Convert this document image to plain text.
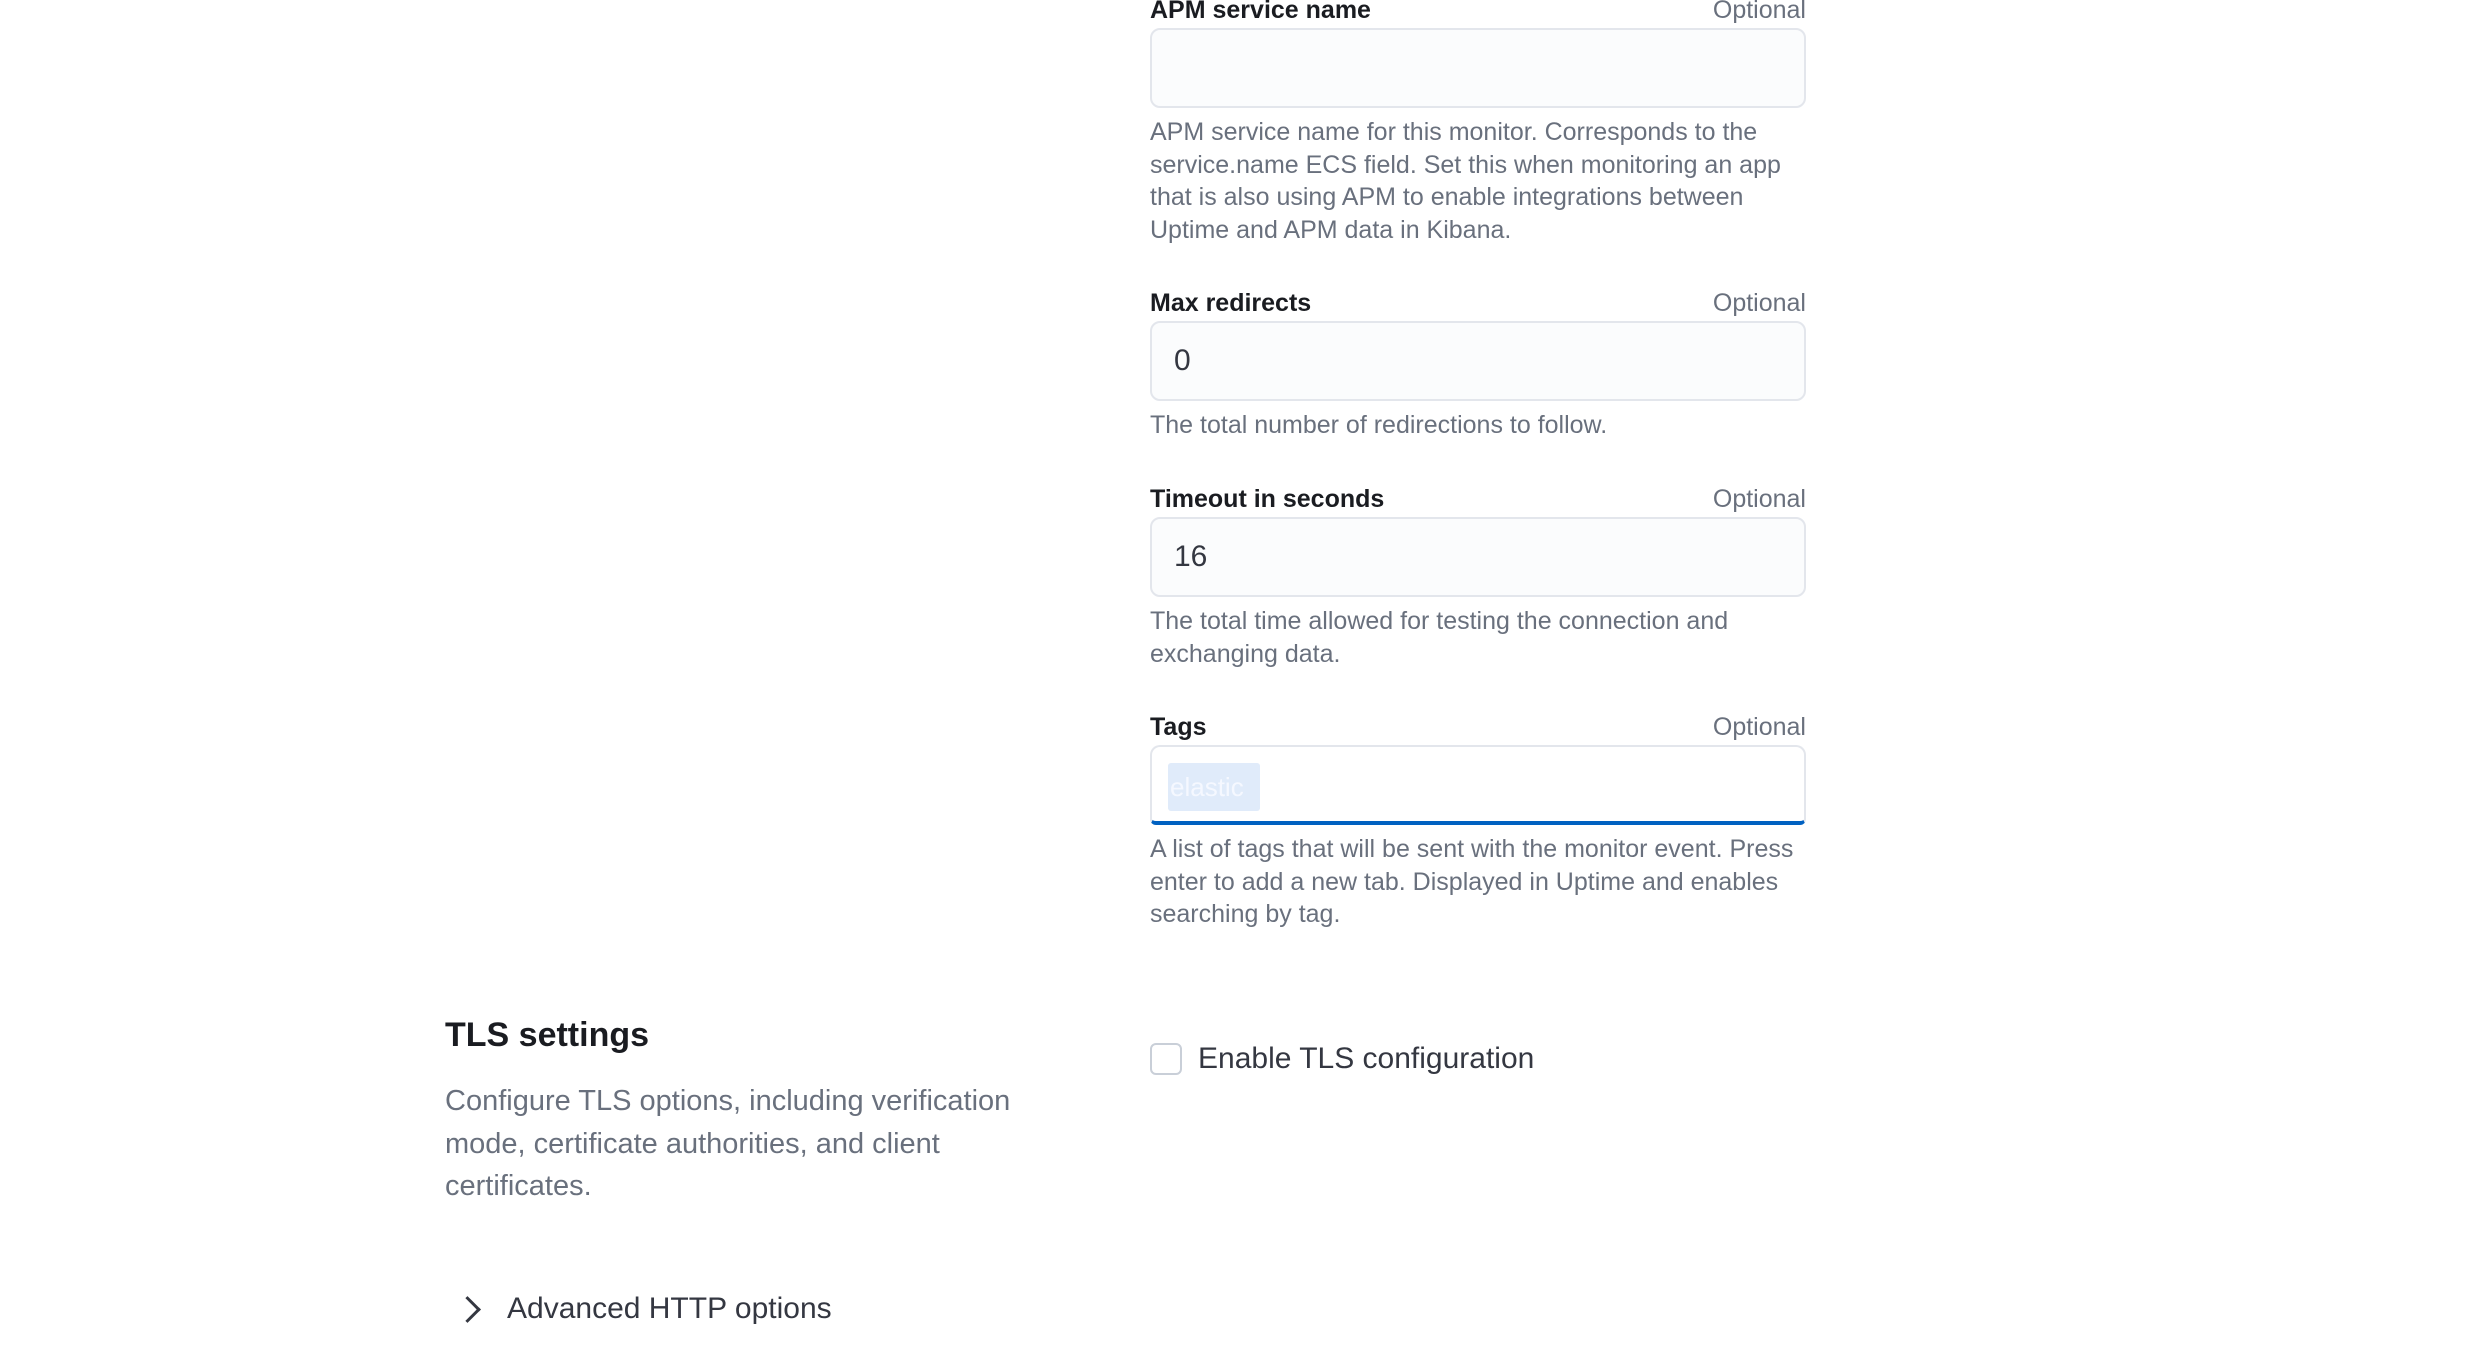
APM service name	Optional
APM service name for this monitor. Corresponds to the service.name ECS field. Set this when monitoring an app that is also using APM to enable integrations between Uptime and APM data in Kibana.
Max redirects	Optional
0
The total number of redirections to follow.
Timeout in seconds	Optional
16
The total time allowed for testing the connection and exchanging data.
Tags	Optional
elastic
A list of tags that will be sent with the monitor event. Press enter to add a new tab. Displayed in Uptime and enables searching by tag.
TLS settings
Configure TLS options, including verification mode, certificate authorities, and client certificates.
Enable TLS configuration
Advanced HTTP options
